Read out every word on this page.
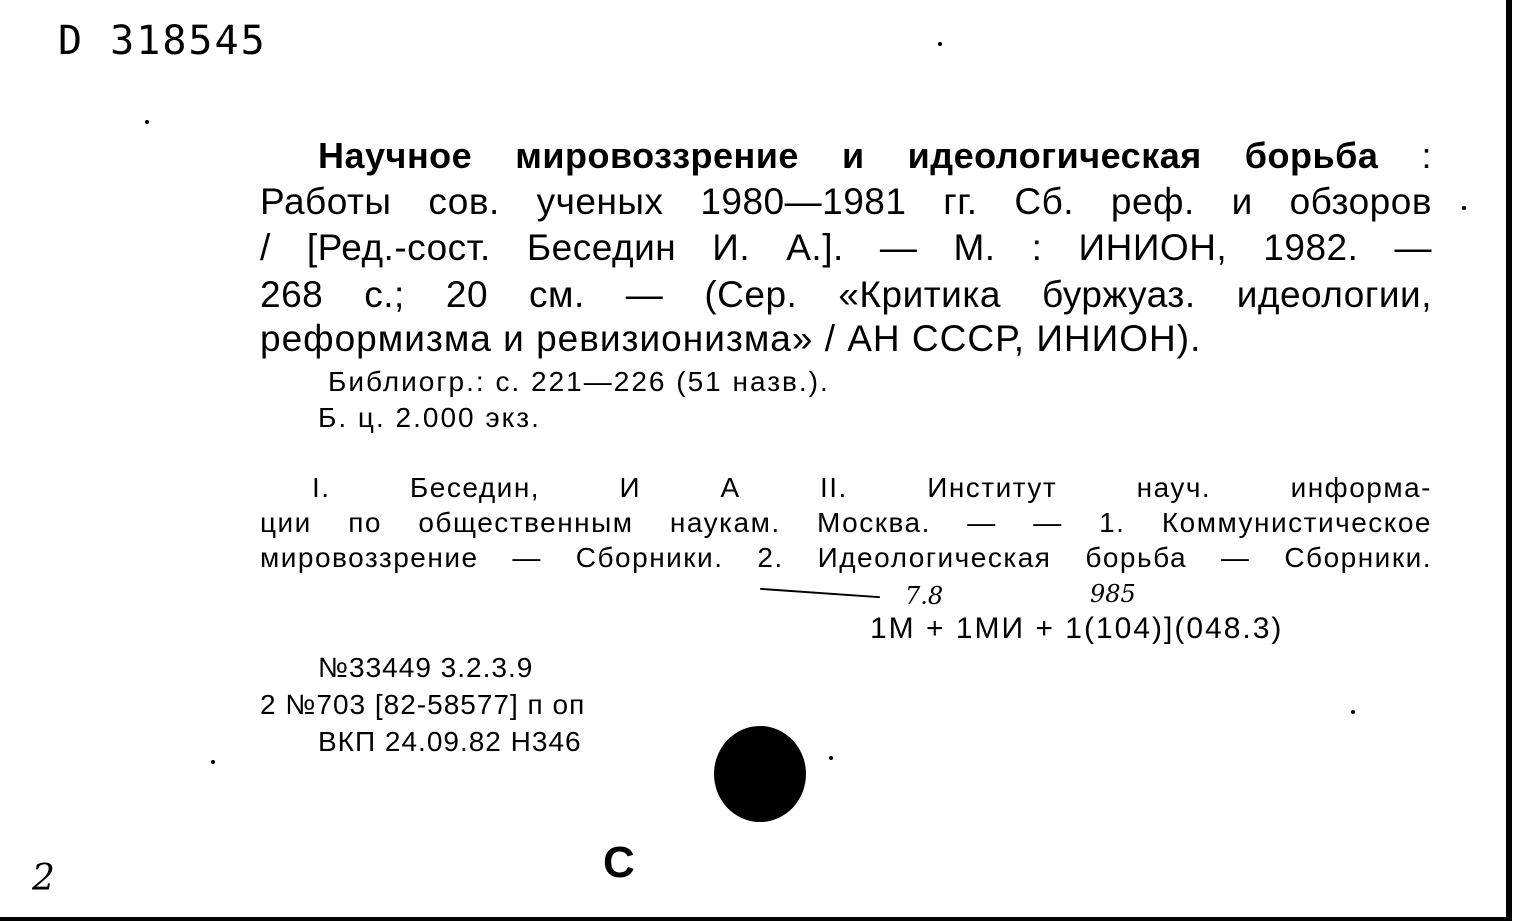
D 318545
Научное мировоззрение и идеологическая борьба :
Работы сов. ученых 1980—1981 гг. Сб. реф. и обзоров
/ [Ред.-сост. Беседин И. А.]. — М. : ИНИОН, 1982. —
268 с.; 20 см. — (Сер. «Критика буржуаз. идеологии,
реформизма и ревизионизма» / АН СССР, ИНИОН).
Библиогр.: с. 221—226 (51 назв.).
Б. ц. 2.000 экз.
I. Беседин, И А II. Институт науч. информа-
ции по общественным наукам. Москва. — — 1. Коммунистическое
мировоззрение — Сборники. 2. Идеологическая борьба — Сборники.
7.8	985
1М + 1МИ + 1(104)](048.3)
№33449 3.2.3.9
2 №703 [82-58577] п оп
ВКП 24.09.82 Н346
С
2
